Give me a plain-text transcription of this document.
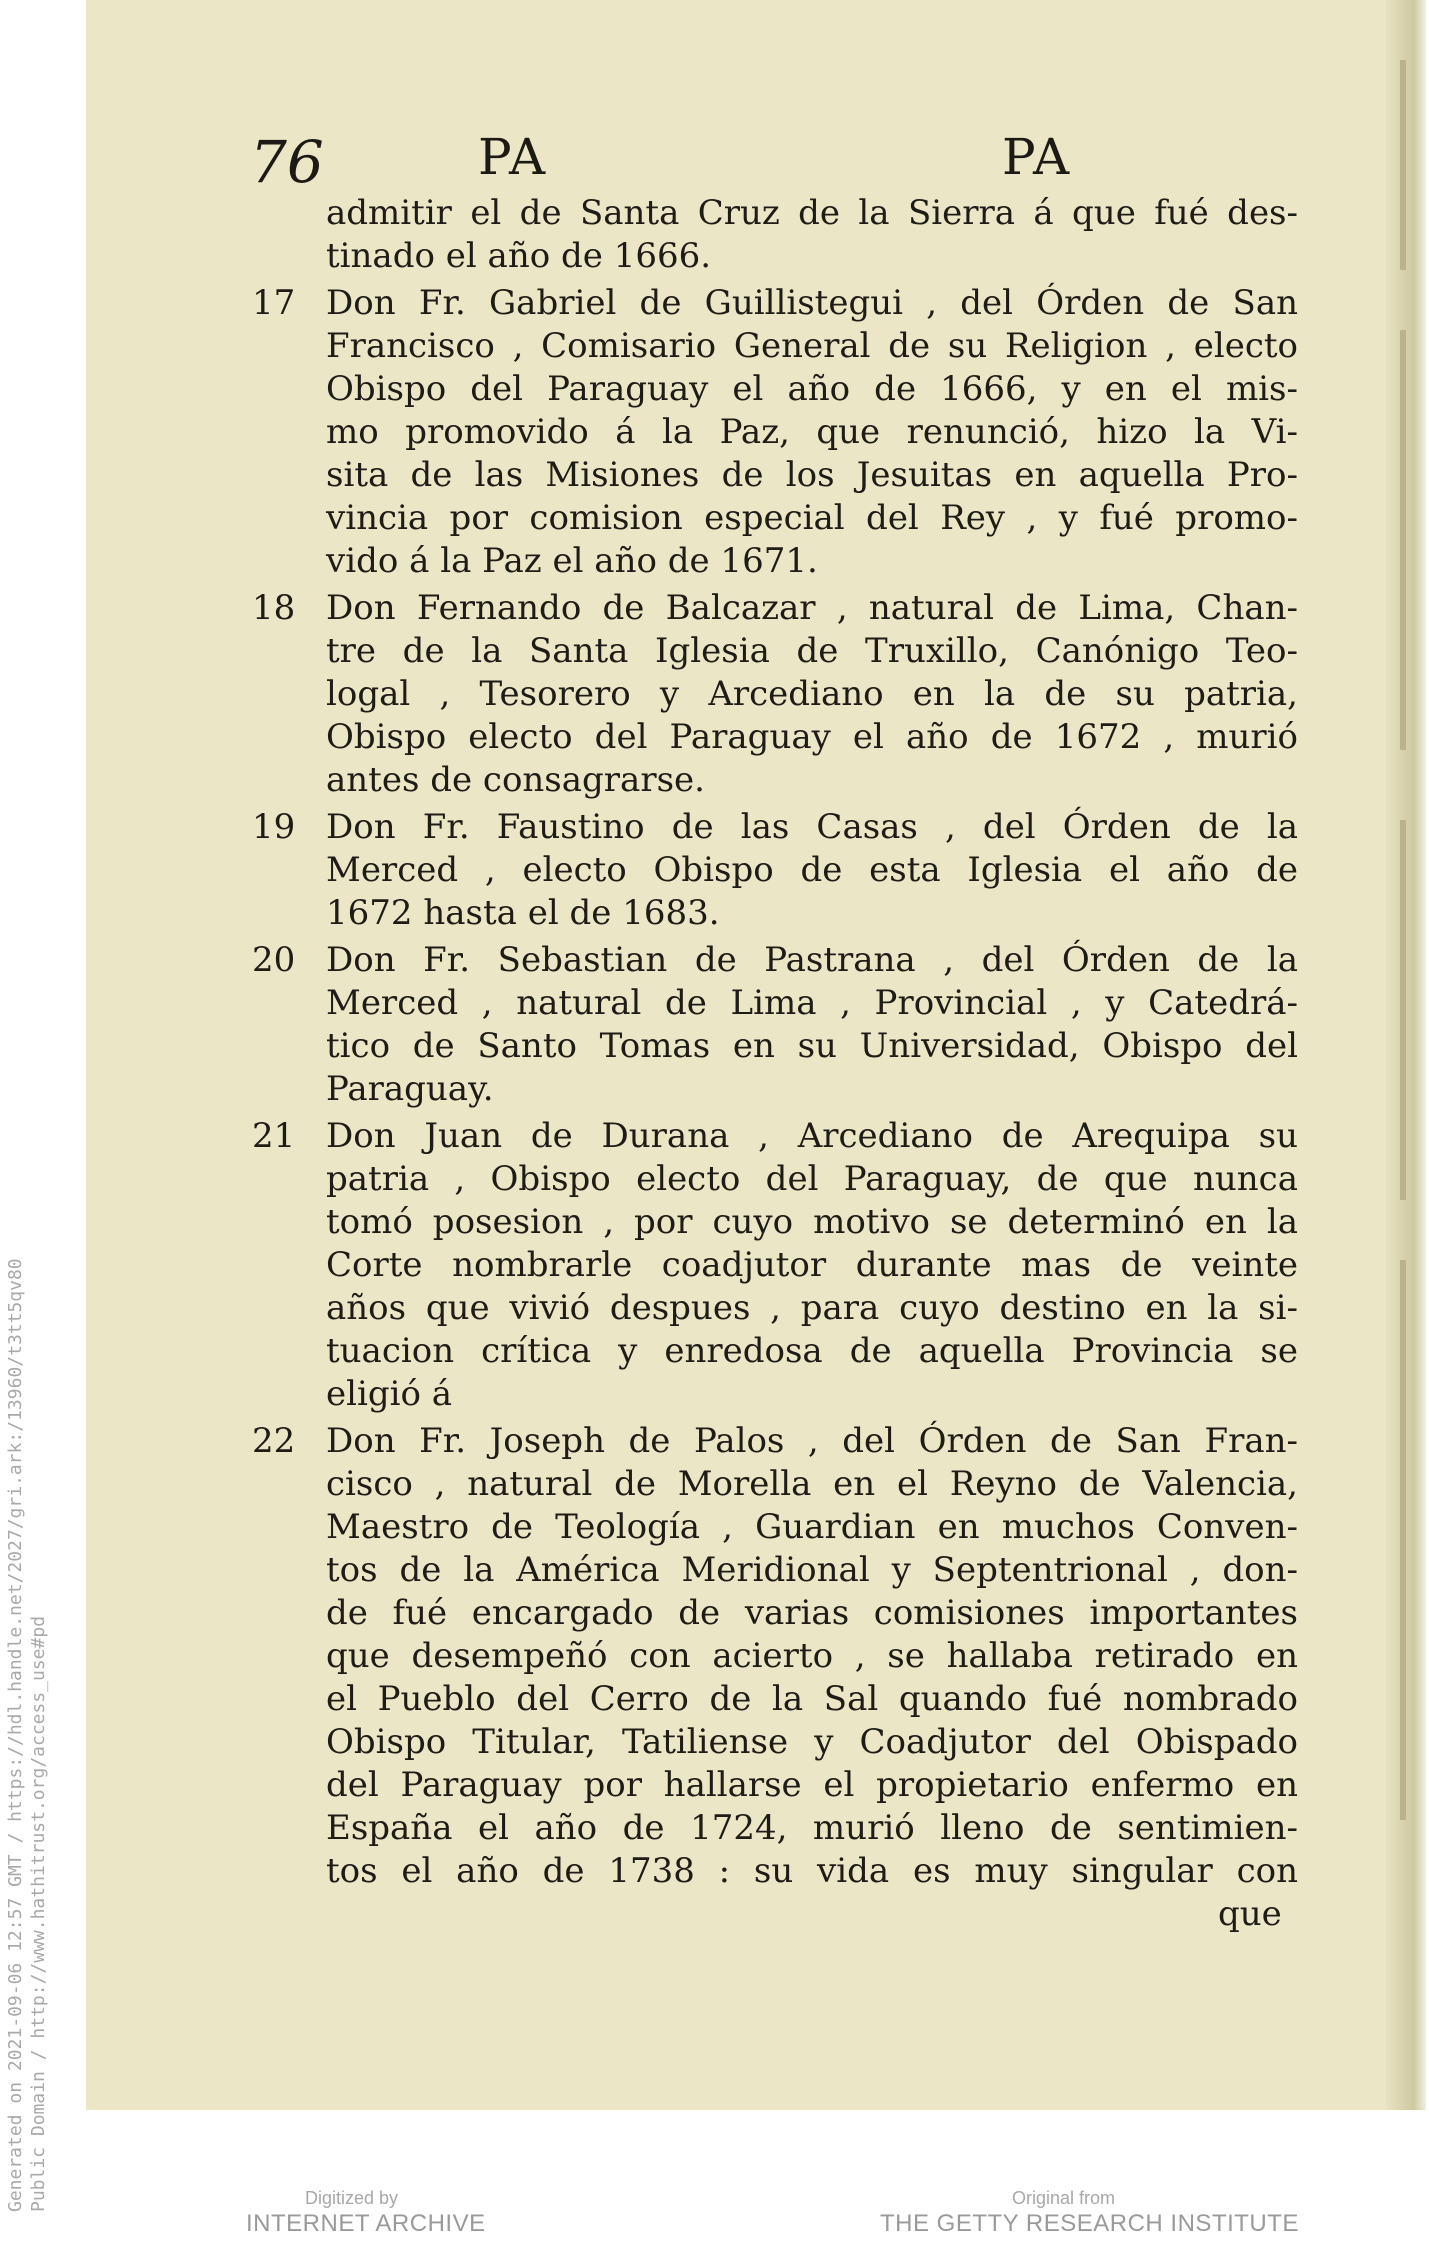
76	PA	PA
admitir el de Santa Cruz de la Sierra á que fué des-
tinado el año de 1666.
17 Don Fr. Gabriel de Guillistegui , del Órden de San
Francisco , Comisario General de su Religion , electo
Obispo del Paraguay el año de 1666, y en el mis-
mo promovido á la Paz, que renunció, hizo la Vi-
sita de las Misiones de los Jesuitas en aquella Pro-
vincia por comision especial del Rey , y fué promo-
vido á la Paz el año de 1671.
18 Don Fernando de Balcazar , natural de Lima, Chan-
tre de la Santa Iglesia de Truxillo, Canónigo Teo-
logal , Tesorero y Arcediano en la de su patria,
Obispo electo del Paraguay el año de 1672 , murió
antes de consagrarse.
19 Don Fr. Faustino de las Casas , del Órden de la
Merced , electo Obispo de esta Iglesia el año de
1672 hasta el de 1683.
20 Don Fr. Sebastian de Pastrana , del Órden de la
Merced , natural de Lima , Provincial , y Catedrá-
tico de Santo Tomas en su Universidad, Obispo del
Paraguay.
21 Don Juan de Durana , Arcediano de Arequipa su
patria , Obispo electo del Paraguay, de que nunca
tomó posesion , por cuyo motivo se determinó en la
Corte nombrarle coadjutor durante mas de veinte
años que vivió despues , para cuyo destino en la si-
tuacion crítica y enredosa de aquella Provincia se
eligió á
22 Don Fr. Joseph de Palos , del Órden de San Fran-
cisco , natural de Morella en el Reyno de Valencia,
Maestro de Teología , Guardian en muchos Conven-
tos de la América Meridional y Septentrional , don-
de fué encargado de varias comisiones importantes
que desempeñó con acierto , se hallaba retirado en
el Pueblo del Cerro de la Sal quando fué nombrado
Obispo Titular, Tatiliense y Coadjutor del Obispado
del Paraguay por hallarse el propietario enfermo en
España el año de 1724, murió lleno de sentimien-
tos el año de 1738 : su vida es muy singular con
que
Generated on 2021-09-06 12:57 GMT / https://hdl.handle.net/2027/gri.ark:/13960/t3tt5qv80 Public Domain / http://www.hathitrust.org/access_use#pd	Digitized by
INTERNET ARCHIVE
Original from
THE GETTY RESEARCH INSTITUTE
